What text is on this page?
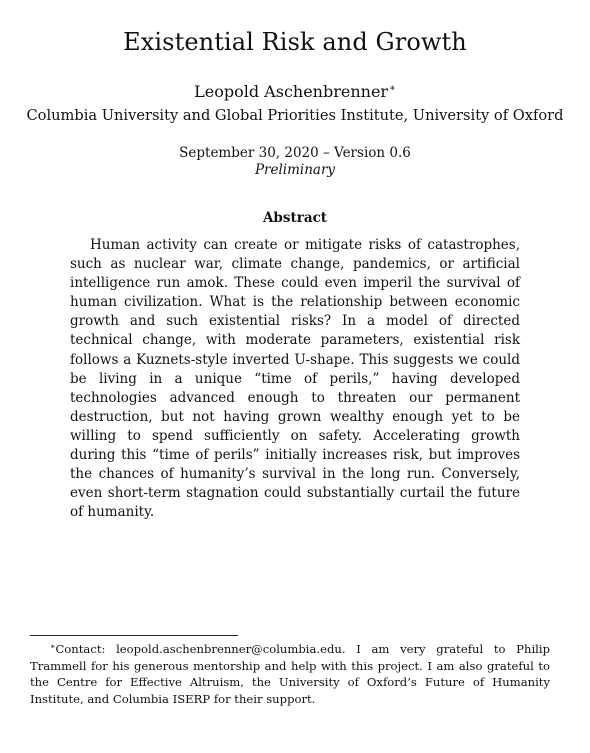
Existential Risk and Growth
Leopold Aschenbrenner∗
Columbia University and Global Priorities Institute, University of Oxford
September 30, 2020 – Version 0.6
Preliminary
Abstract
Human activity can create or mitigate risks of catastrophes, such as nuclear war, climate change, pandemics, or artificial intelligence run amok. These could even imperil the survival of human civilization. What is the relationship between economic growth and such existential risks? In a model of directed technical change, with moderate parameters, existential risk follows a Kuznets-style inverted U-shape. This suggests we could be living in a unique “time of perils,” having developed technologies advanced enough to threaten our permanent destruction, but not having grown wealthy enough yet to be willing to spend sufficiently on safety. Accelerating growth during this “time of perils” initially increases risk, but improves the chances of humanity’s survival in the long run. Conversely, even short-term stagnation could substantially curtail the future of humanity.
∗Contact: leopold.aschenbrenner@columbia.edu. I am very grateful to Philip Trammell for his generous mentorship and help with this project. I am also grateful to the Centre for Effective Altruism, the University of Oxford’s Future of Humanity Institute, and Columbia ISERP for their support.
